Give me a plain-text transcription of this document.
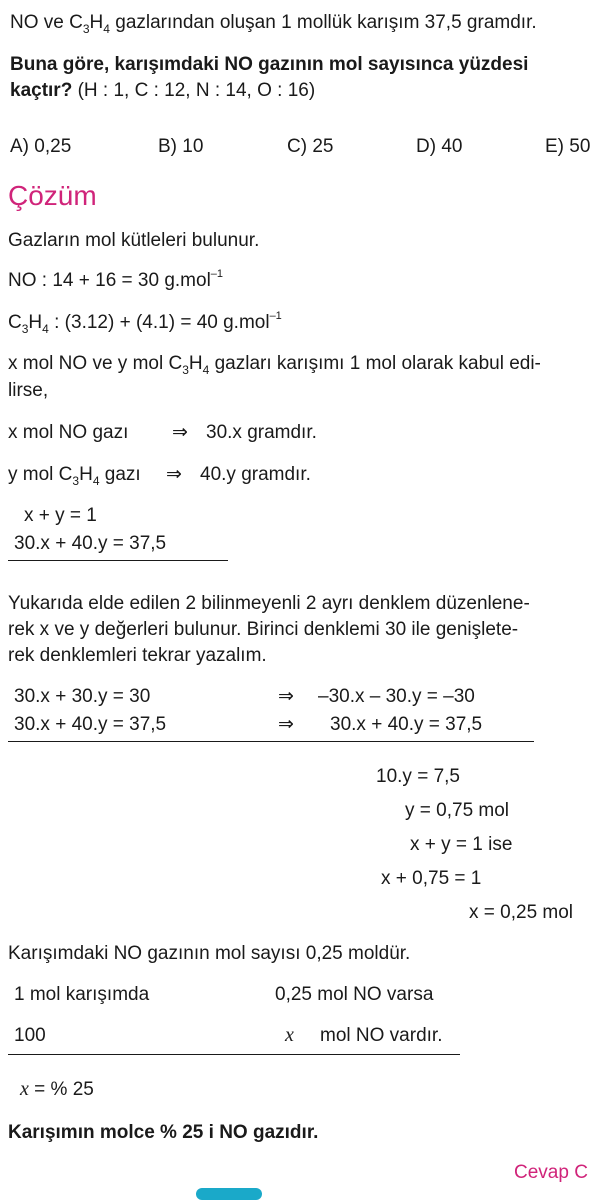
NO ve $C_3H_4$ gazlarından oluşan 1 mollük karışım 37,5 gramdır.
Buna göre, karışımdaki NO gazının mol sayısınca yüzdesi
kaçtır? (H : 1, C : 12, N : 14, O : 16)
A) 0,25	B) 10	C) 25	D) 40	E) 50
Çözüm
Gazların mol kütleleri bulunur.
NO : 14 + 16 = 30 g.mol$^{-1}$
$C_3H_4$ : (3.12) + (4.1) = 40 g.mol$^{-1}$
x mol NO ve y mol $C_3H_4$ gazları karışımı 1 mol olarak kabul edi-
lirse,
x mol NO gazı ⇒ 30.x gramdır.
y mol $C_3H_4$ gazı ⇒ 40.y gramdır.
x + y = 1
30.x + 40.y = 37,5
Yukarıda elde edilen 2 bilinmeyenli 2 ayrı denklem düzenlene-
rek x ve y değerleri bulunur. Birinci denklemi 30 ile genişlete-
rek denklemleri tekrar yazalım.
30.x + 30.y = 30	⇒ –30.x – 30.y = –30
30.x + 40.y = 37,5	⇒ 30.x + 40.y = 37,5
10.y = 7,5
y = 0,75 mol
x + y = 1 ise
x + 0,75 = 1
x = 0,25 mol
Karışımdaki NO gazının mol sayısı 0,25 moldür.
1 mol karışımda	0,25 mol NO varsa
100	x mol NO vardır.
x = % 25
Karışımın molce % 25 i NO gazıdır.
Cevap C
